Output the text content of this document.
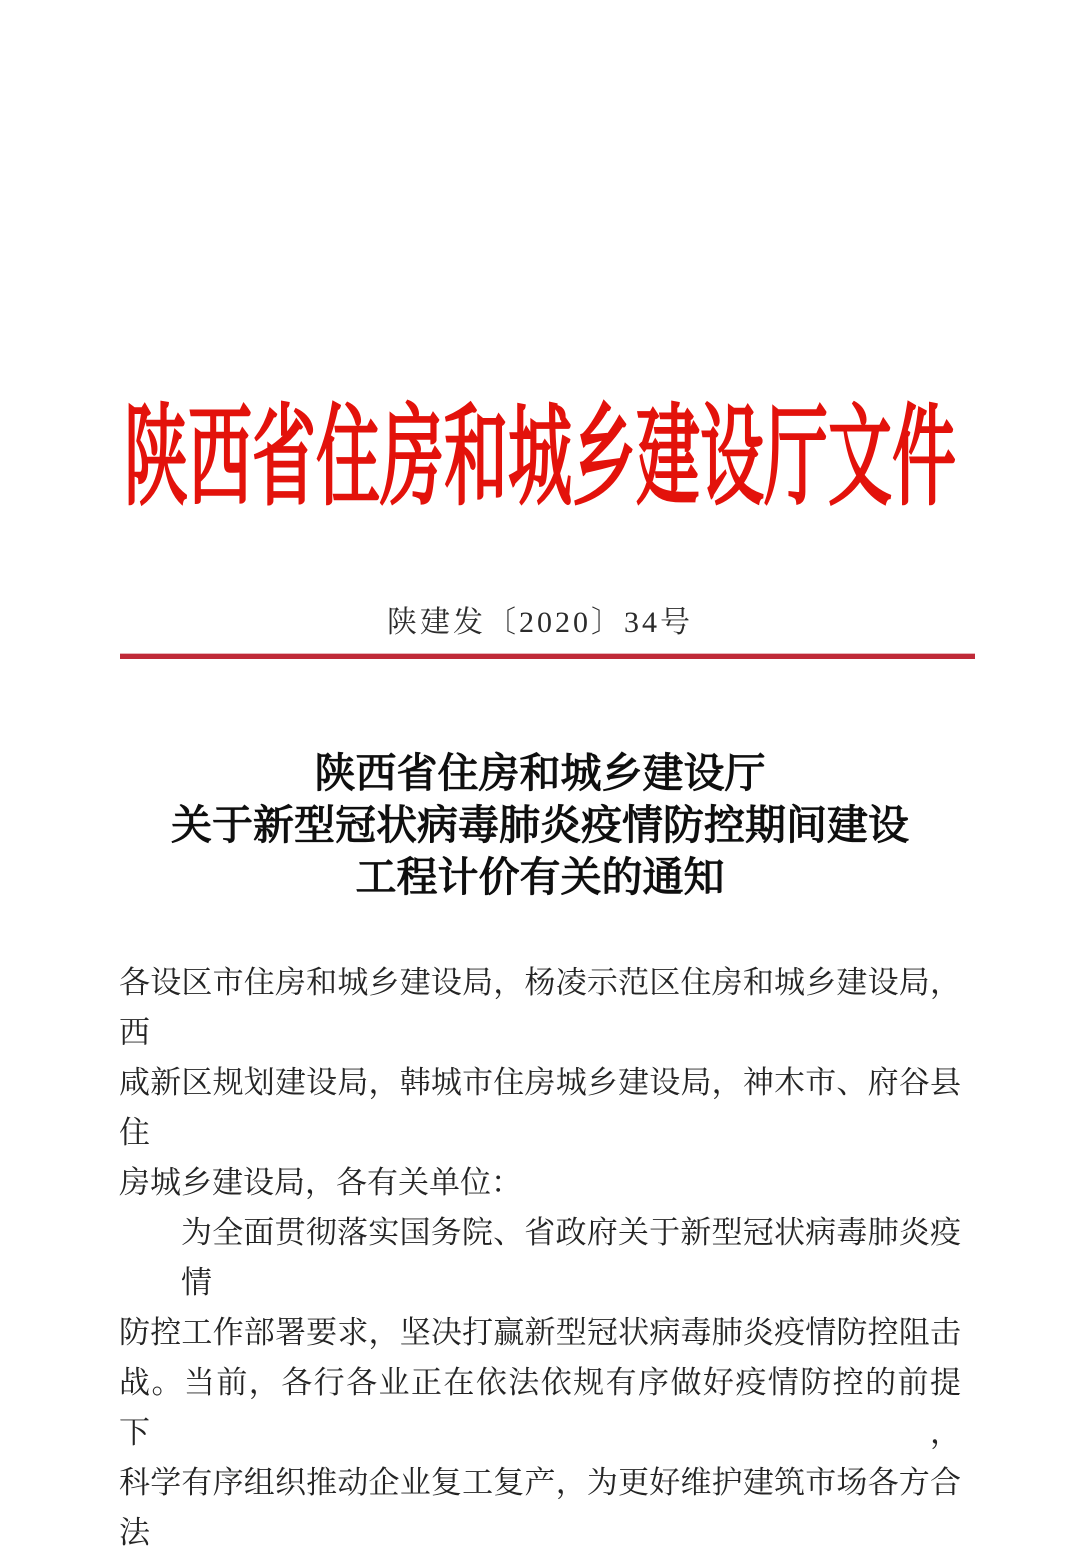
陕西省住房和城乡建设厅文件
陕建发〔2020〕34号
陕西省住房和城乡建设厅
关于新型冠状病毒肺炎疫情防控期间建设
工程计价有关的通知
各设区市住房和城乡建设局，杨凌示范区住房和城乡建设局，西
咸新区规划建设局，韩城市住房城乡建设局，神木市、府谷县住
房城乡建设局，各有关单位：
为全面贯彻落实国务院、省政府关于新型冠状病毒肺炎疫情
防控工作部署要求，坚决打赢新型冠状病毒肺炎疫情防控阻击
战。当前，各行各业正在依法依规有序做好疫情防控的前提下，
科学有序组织推动企业复工复产，为更好维护建筑市场各方合法
